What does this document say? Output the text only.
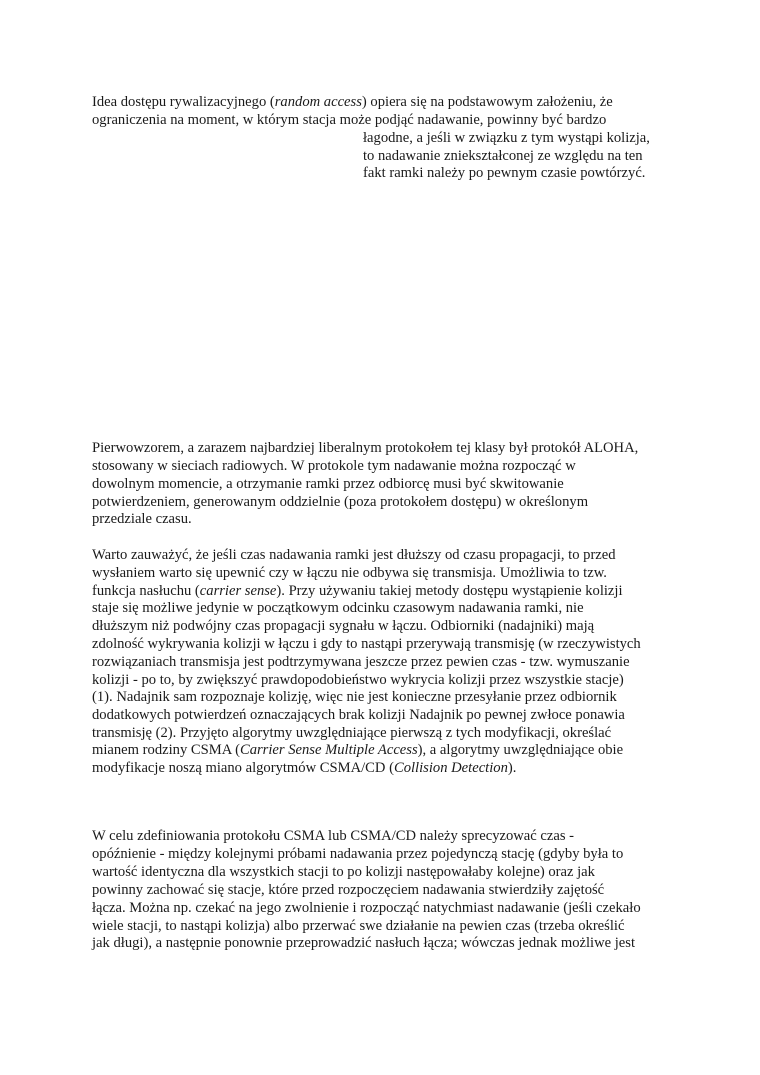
Idea dostępu rywalizacyjnego (random access) opiera się na podstawowym założeniu, że
ograniczenia na moment, w którym stacja może podjąć nadawanie, powinny być bardzo
łagodne, a jeśli w związku z tym wystąpi kolizja,
to nadawanie zniekształconej ze względu na ten
fakt ramki należy po pewnym czasie powtórzyć.
Pierwowzorem, a zarazem najbardziej liberalnym protokołem tej klasy był protokół ALOHA,
stosowany w sieciach radiowych. W protokole tym nadawanie można rozpocząć w
dowolnym momencie, a otrzymanie ramki przez odbiorcę musi być skwitowanie
potwierdzeniem, generowanym oddzielnie (poza protokołem dostępu) w określonym
przedziale czasu.
Warto zauważyć, że jeśli czas nadawania ramki jest dłuższy od czasu propagacji, to przed
wysłaniem warto się upewnić czy w łączu nie odbywa się transmisja. Umożliwia to tzw.
funkcja nasłuchu (carrier sense). Przy używaniu takiej metody dostępu wystąpienie kolizji
staje się możliwe jedynie w początkowym odcinku czasowym nadawania ramki, nie
dłuższym niż podwójny czas propagacji sygnału w łączu. Odbiorniki (nadajniki) mają
zdolność wykrywania kolizji w łączu i gdy to nastąpi przerywają transmisję (w rzeczywistych
rozwiązaniach transmisja jest podtrzymywana jeszcze przez pewien czas - tzw. wymuszanie
kolizji - po to, by zwiększyć prawdopodobieństwo wykrycia kolizji przez wszystkie stacje)
(1). Nadajnik sam rozpoznaje kolizję, więc nie jest konieczne przesyłanie przez odbiornik
dodatkowych potwierdzeń oznaczających brak kolizji Nadajnik po pewnej zwłoce ponawia
transmisję (2). Przyjęto algorytmy uwzględniające pierwszą z tych modyfikacji, określać
mianem rodziny CSMA (Carrier Sense Multiple Access), a algorytmy uwzględniające obie
modyfikacje noszą miano algorytmów CSMA/CD (Collision Detection).
W celu zdefiniowania protokołu CSMA lub CSMA/CD należy sprecyzować czas -
opóźnienie - między kolejnymi próbami nadawania przez pojedynczą stację (gdyby była to
wartość identyczna dla wszystkich stacji to po kolizji następowałaby kolejne) oraz jak
powinny zachować się stacje, które przed rozpoczęciem nadawania stwierdziły zajętość
łącza. Można np. czekać na jego zwolnienie i rozpocząć natychmiast nadawanie (jeśli czekało
wiele stacji, to nastąpi kolizja) albo przerwać swe działanie na pewien czas (trzeba określić
jak długi), a następnie ponownie przeprowadzić nasłuch łącza; wówczas jednak możliwe jest
